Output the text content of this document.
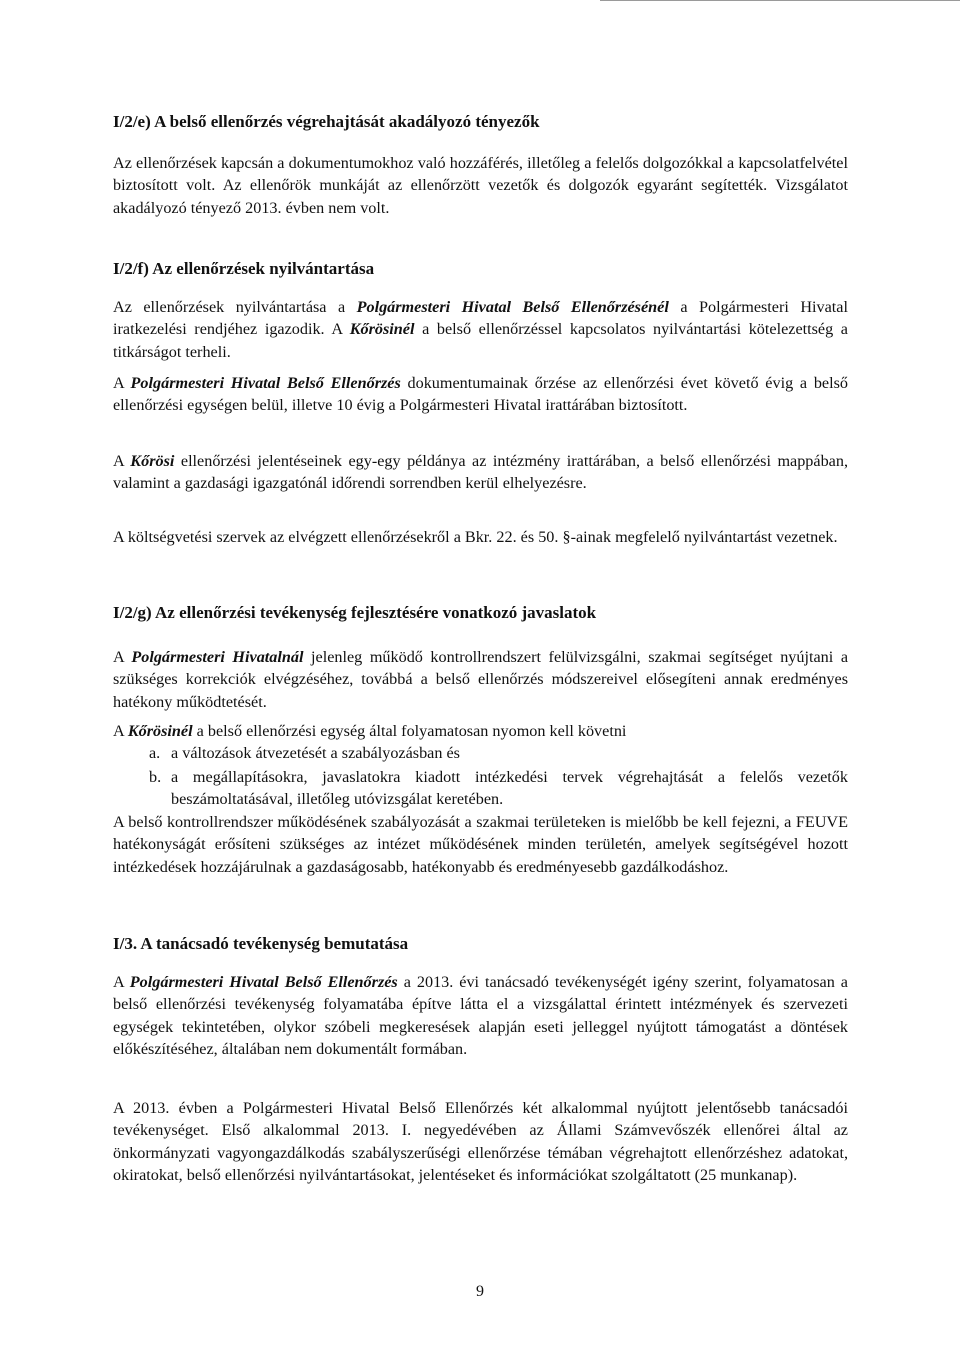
I/2/e) A belső ellenőrzés végrehajtását akadályozó tényezők

Az ellenőrzések kapcsán a dokumentumokhoz való hozzáférés, illetőleg a felelős dolgozókkal a kapcsolatfelvétel biztosított volt. Az ellenőrök munkáját az ellenőrzött vezetők és dolgozók egyaránt segítették. Vizsgálatot akadályozó tényező 2013. évben nem volt.

I/2/f) Az ellenőrzések nyilvántartása

Az ellenőrzések nyilvántartása a Polgármesteri Hivatal Belső Ellenőrzésénél a Polgármesteri Hivatal iratkezelési rendjéhez igazodik. A Kőrösinél a belső ellenőrzéssel kapcsolatos nyilvántartási kötelezettség a titkárságot terheli.

A Polgármesteri Hivatal Belső Ellenőrzés dokumentumainak őrzése az ellenőrzési évet követő évig a belső ellenőrzési egységen belül, illetve 10 évig a Polgármesteri Hivatal irattárában biztosított.

A Kőrösi ellenőrzési jelentéseinek egy-egy példánya az intézmény irattárában, a belső ellenőrzési mappában, valamint a gazdasági igazgatónál időrendi sorrendben kerül elhelyezésre.

A költségvetési szervek az elvégzett ellenőrzésekről a Bkr. 22. és 50. §-ainak megfelelő nyilvántartást vezetnek.

I/2/g) Az ellenőrzési tevékenység fejlesztésére vonatkozó javaslatok

A Polgármesteri Hivatalnál jelenleg működő kontrollrendszert felülvizsgálni, szakmai segítséget nyújtani a szükséges korrekciók elvégzéséhez, továbbá a belső ellenőrzés módszereivel elősegíteni annak eredményes hatékony működtetését.

A Kőrösinél a belső ellenőrzési egység által folyamatosan nyomon kell követni

a. a változások átvezetését a szabályozásban és
b. a megállapításokra, javaslatokra kiadott intézkedési tervek végrehajtását a felelős vezetők beszámoltatásával, illetőleg utóvizsgálat keretében.

A belső kontrollrendszer működésének szabályozását a szakmai területeken is mielőbb be kell fejezni, a FEUVE hatékonyságát erősíteni szükséges az intézet működésének minden területén, amelyek segítségével hozott intézkedések hozzájárulnak a gazdaságosabb, hatékonyabb és eredményesebb gazdálkodáshoz.

I/3. A tanácsadó tevékenység bemutatása

A Polgármesteri Hivatal Belső Ellenőrzés a 2013. évi tanácsadó tevékenységét igény szerint, folyamatosan a belső ellenőrzési tevékenység folyamatába építve látta el a vizsgálattal érintett intézmények és szervezeti egységek tekintetében, olykor szóbeli megkeresések alapján eseti jelleggel nyújtott támogatást a döntések előkészítéséhez, általában nem dokumentált formában.

A 2013. évben a Polgármesteri Hivatal Belső Ellenőrzés két alkalommal nyújtott jelentősebb tanácsadói tevékenységet. Első alkalommal 2013. I. negyedévében az Állami Számvevőszék ellenőrei által az önkormányzati vagyongazdálkodás szabályszerűségi ellenőrzése témában végrehajtott ellenőrzéshez adatokat, okiratokat, belső ellenőrzési nyilvántartásokat, jelentéseket és információkat szolgáltatott (25 munkanap).

9
